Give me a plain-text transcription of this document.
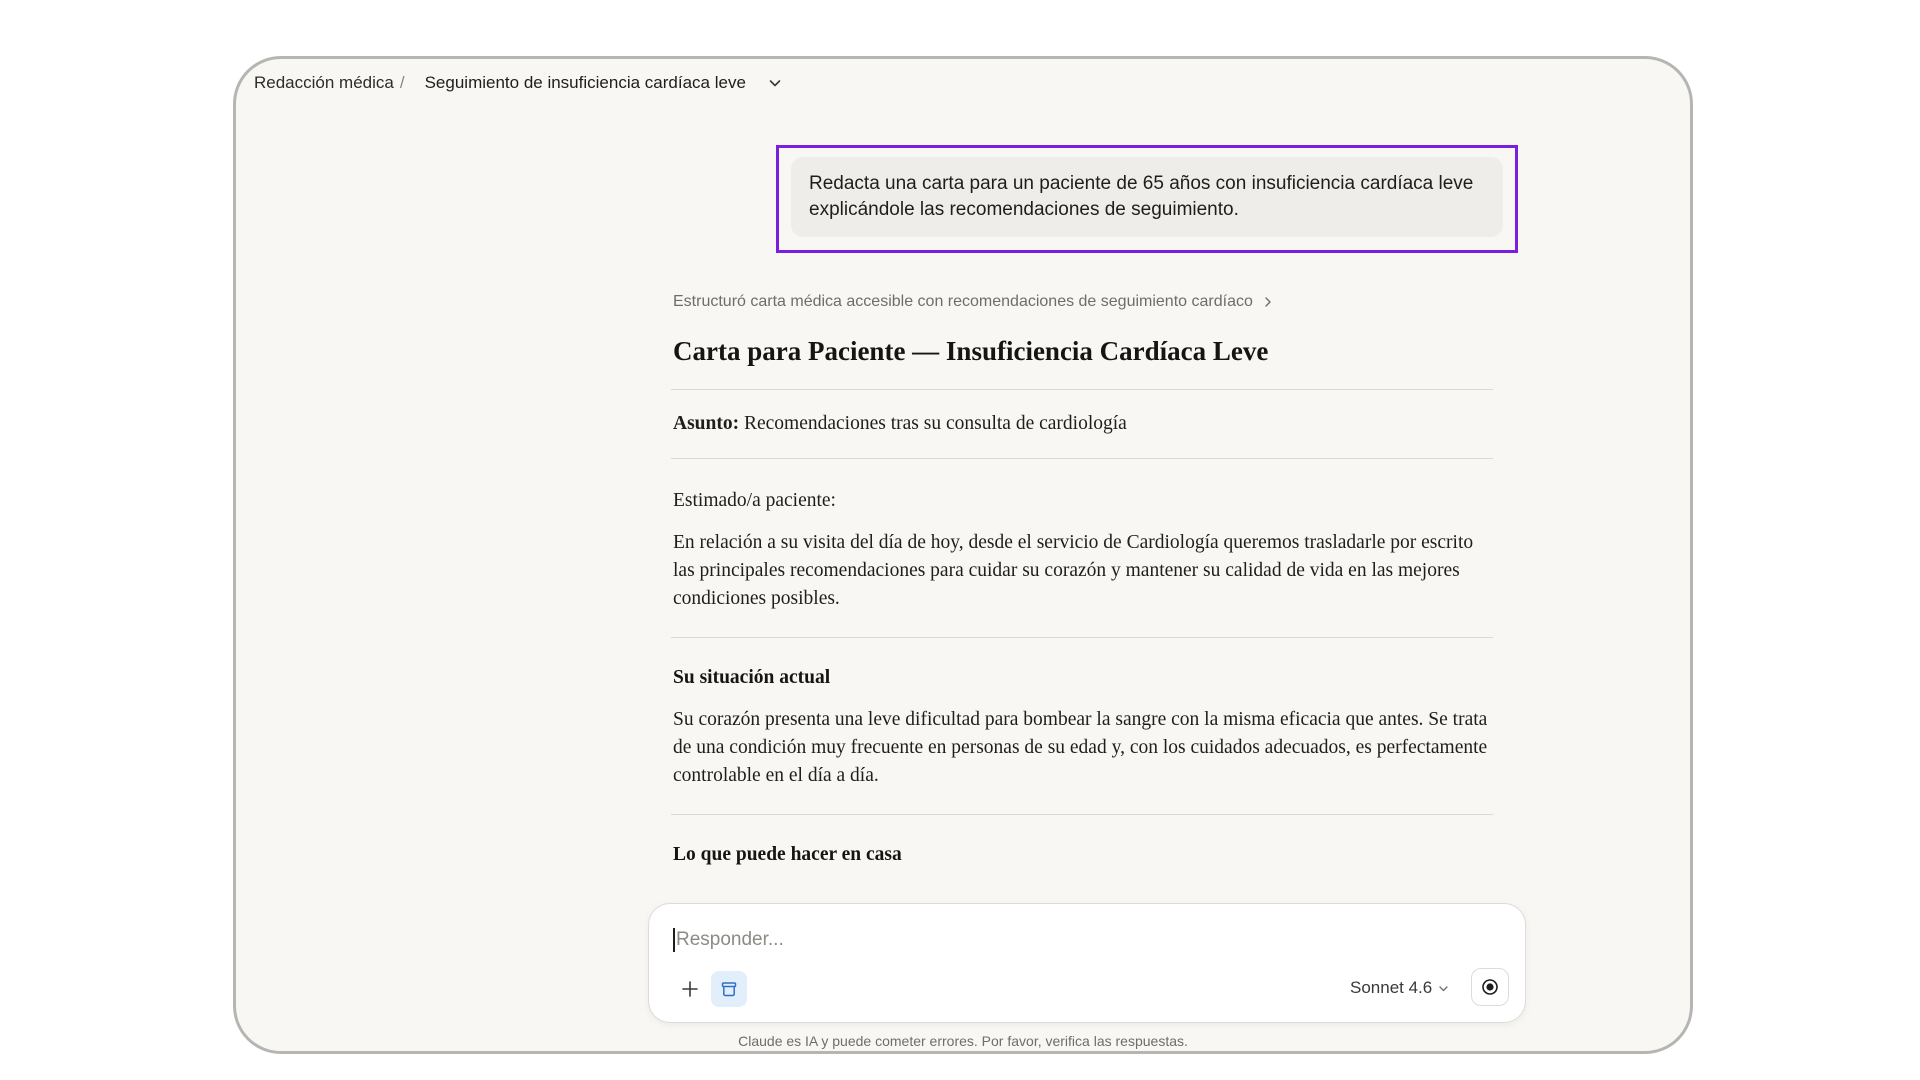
Redacción médica / Seguimiento de insuficiencia cardíaca leve
Redacta una carta para un paciente de 65 años con insuficiencia cardíaca leve explicándole las recomendaciones de seguimiento.
Estructuró carta médica accesible con recomendaciones de seguimiento cardíaco
Carta para Paciente — Insuficiencia Cardíaca Leve
Asunto: Recomendaciones tras su consulta de cardiología
Estimado/a paciente:
En relación a su visita del día de hoy, desde el servicio de Cardiología queremos trasladarle por escrito las principales recomendaciones para cuidar su corazón y mantener su calidad de vida en las mejores condiciones posibles.
Su situación actual
Su corazón presenta una leve dificultad para bombear la sangre con la misma eficacia que antes. Se trata de una condición muy frecuente en personas de su edad y, con los cuidados adecuados, es perfectamente controlable en el día a día.
Lo que puede hacer en casa
Responder...
Sonnet 4.6
Claude es IA y puede cometer errores. Por favor, verifica las respuestas.
